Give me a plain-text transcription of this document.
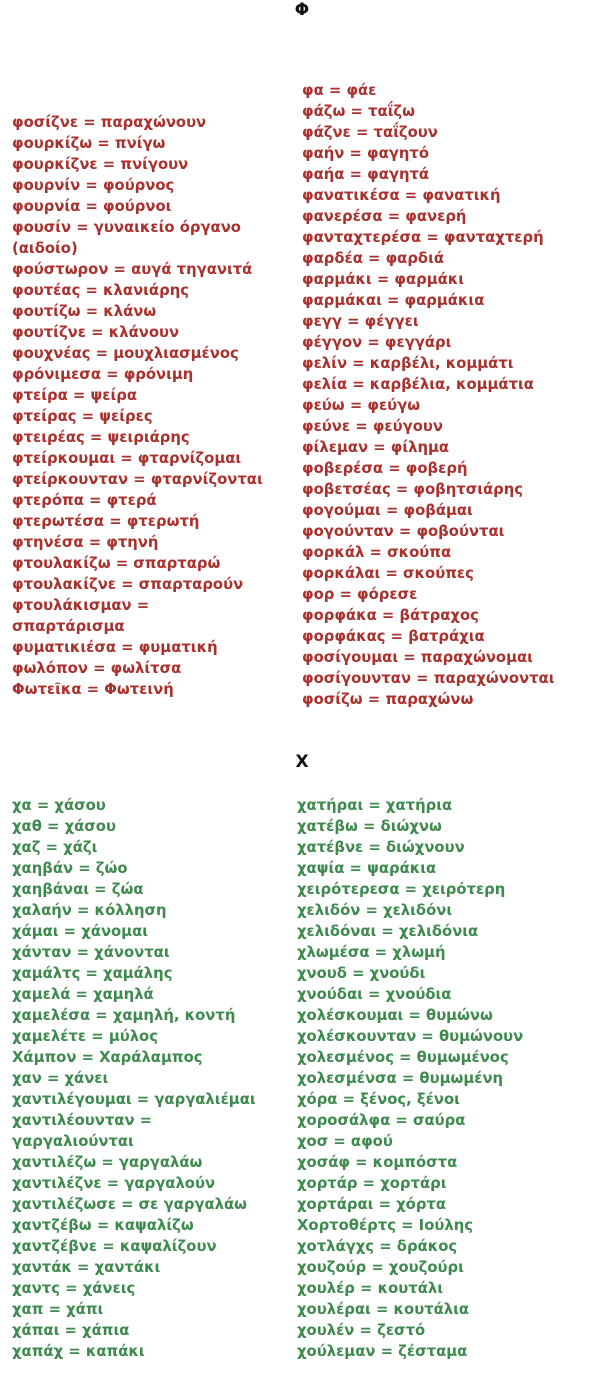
Φ
φοσίζνε = παραχώνουν
φουρκίζω = πνίγω
φουρκίζνε = πνίγουν
φουρνίν = φούρνος
φουρνία = φούρνοι
φουσίν = γυναικείο όργανο
(αιδοίο)
φούστωρον = αυγά τηγανιτά
φουτέας = κλανιάρης
φουτίζω = κλάνω
φουτίζνε = κλάνουν
φουχνέας = μουχλιασμένος
φρόνιμεσα = φρόνιμη
φτείρα = ψείρα
φτείρας = ψείρες
φτειρέας = ψειριάρης
φτείρκουμαι = φταρνίζομαι
φτείρκουνταν = φταρνίζονται
φτερόπα = φτερά
φτερωτέσα = φτερωτή
φτηνέσα = φτηνή
φτουλακίζω = σπαρταρώ
φτουλακίζνε = σπαρταρούν
φτουλάκισμαν =
σπαρτάρισμα
φυματικιέσα = φυματική
φωλόπον = φωλίτσα
Φωτεῖκα = Φωτεινή
φα = φάε
φάζω = ταΐζω
φάζνε = ταΐζουν
φαήν = φαγητό
φαήα = φαγητά
φανατικέσα = φανατική
φανερέσα = φανερή
φανταχτερέσα = φανταχτερή
φαρδέα = φαρδιά
φαρμάκι = φαρμάκι
φαρμάκαι = φαρμάκια
φεγγ = φέγγει
φέγγον = φεγγάρι
φελίν = καρβέλι, κομμάτι
φελία = καρβέλια, κομμάτια
φεύω = φεύγω
φεύνε = φεύγουν
φίλεμαν = φίλημα
φοβερέσα = φοβερή
φοβετσέας = φοβητσιάρης
φογούμαι = φοβάμαι
φογούνταν = φοβούνται
φορκάλ = σκούπα
φορκάλαι = σκούπες
φορ = φόρεσε
φορφάκα = βάτραχος
φορφάκας = βατράχια
φοσίγουμαι = παραχώνομαι
φοσίγουνταν = παραχώνονται
φοσίζω = παραχώνω
Χ
χα = χάσου
χαθ = χάσου
χαζ = χάζι
χαηβάν = ζώο
χαηβάναι = ζώα
χαλαήν = κόλληση
χάμαι = χάνομαι
χάνταν = χάνονται
χαμάλτς = χαμάλης
χαμελά = χαμηλά
χαμελέσα = χαμηλή, κοντή
χαμελέτε = μύλος
Χάμπον = Χαράλαμπος
χαν = χάνει
χαντιλέγουμαι = γαργαλιέμαι
χαντιλέουνταν =
γαργαλιούνται
χαντιλέζω = γαργαλάω
χαντιλέζνε = γαργαλούν
χαντιλέζωσε = σε γαργαλάω
χαντζέβω = καψαλίζω
χαντζέβνε = καψαλίζουν
χαντάκ = χαντάκι
χαντς = χάνεις
χαπ = χάπι
χάπαι = χάπια
χαπάχ = καπάκι
χατήραι = χατήρια
χατέβω = διώχνω
χατέβνε = διώχνουν
χαψία = ψαράκια
χειρότερεσα = χειρότερη
χελιδόν = χελιδόνι
χελιδόναι = χελιδόνια
χλωμέσα = χλωμή
χνουδ = χνούδι
χνούδαι = χνούδια
χολέσκουμαι = θυμώνω
χολέσκουνταν = θυμώνουν
χολεσμένος = θυμωμένος
χολεσμένσα = θυμωμένη
χόρα = ξένος, ξένοι
χοροσάλφα = σαύρα
χοσ = αφού
χοσάφ = κομπόστα
χορτάρ = χορτάρι
χορτάραι = χόρτα
Χορτοθέρτς = Ιούλης
χοτλάγχς = δράκος
χουζούρ = χουζούρι
χουλέρ = κουτάλι
χουλέραι = κουτάλια
χουλέν = ζεστό
χούλεμαν = ζέσταμα
